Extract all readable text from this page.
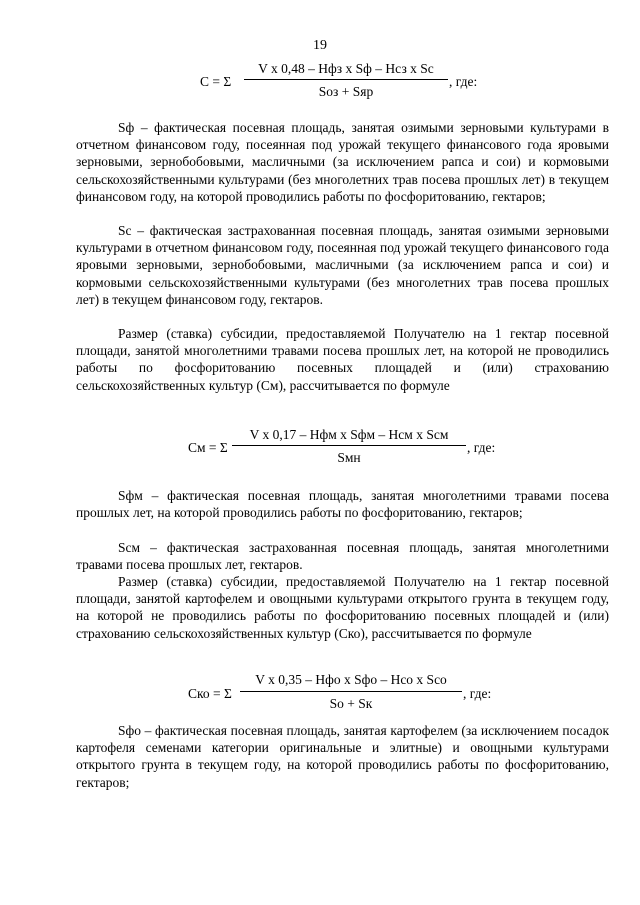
19
С = Σ
V x 0,48 – Нфз x Sф – Нсз x Sс
Sоз + Sяр
, где:

Sф – фактическая посевная площадь, занятая озимыми зерновыми культурами в отчетном финансовом году, посеянная под урожай текущего финансового года яровыми зерновыми, зернобобовыми, масличными (за исключением рапса и сои) и кормовыми сельскохозяйственными культурами (без многолетних трав посева прошлых лет) в текущем финансовом году, на которой проводились работы по фосфоритованию, гектаров;

Sс – фактическая застрахованная посевная площадь, занятая озимыми зерновыми культурами в отчетном финансовом году, посеянная под урожай текущего финансового года яровыми зерновыми, зернобобовыми, масличными (за исключением рапса и сои) и кормовыми сельскохозяйственными культурами (без многолетних трав посева прошлых лет) в текущем финансовом году, гектаров.

Размер (ставка) субсидии, предоставляемой Получателю на 1 гектар посевной площади, занятой многолетними травами посева прошлых лет, на которой не проводились работы по фосфоритованию посевных площадей и (или) страхованию сельскохозяйственных культур (См), рассчитывается по формуле

См = Σ
V x 0,17 – Нфм x Sфм – Нсм x Sсм
Sмн
, где:

Sфм – фактическая посевная площадь, занятая многолетними травами посева прошлых лет, на которой проводились работы по фосфоритованию, гектаров;

Sсм – фактическая застрахованная посевная площадь, занятая многолетними травами посева прошлых лет, гектаров.

Размер (ставка) субсидии, предоставляемой Получателю на 1 гектар посевной площади, занятой картофелем и овощными культурами открытого грунта в текущем году, на которой не проводились работы по фосфоритованию посевных площадей и (или) страхованию сельскохозяйственных культур (Ско), рассчитывается по формуле

Ско = Σ
V x 0,35 – Нфо x Sфо – Нсо x Sсо
Sо + Sк
, где:

Sфо – фактическая посевная площадь, занятая картофелем (за исключением посадок картофеля семенами категории оригинальные и элитные) и овощными культурами открытого грунта в текущем году, на которой проводились работы по фосфоритованию, гектаров;
